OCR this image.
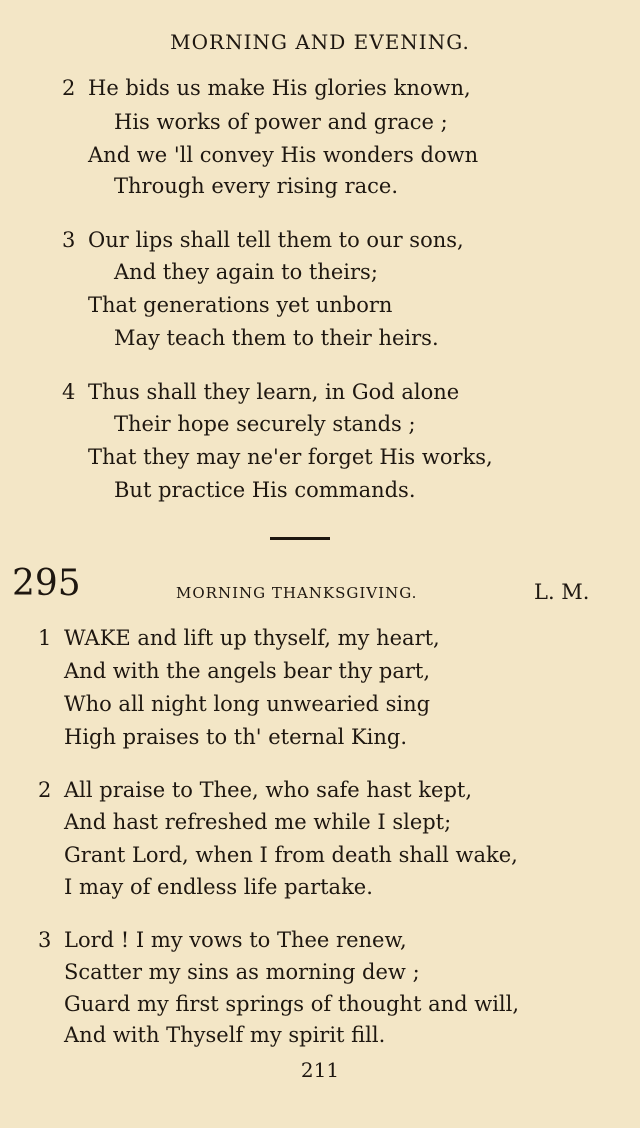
MORNING AND EVENING.
2 He bids us make His glories known,
His works of power and grace ;
And we 'll convey His wonders down
Through every rising race.
3 Our lips shall tell them to our sons,
And they again to theirs;
That generations yet unborn
May teach them to their heirs.
4 Thus shall they learn, in God alone
Their hope securely stands ;
That they may ne'er forget His works,
But practice His commands.
295	MORNING THANKSGIVING.	L. M.
1 WAKE and lift up thyself, my heart,
And with the angels bear thy part,
Who all night long unwearied sing
High praises to th' eternal King.
2 All praise to Thee, who safe hast kept,
And hast refreshed me while I slept;
Grant Lord, when I from death shall wake,
I may of endless life partake.
3 Lord ! I my vows to Thee renew,
Scatter my sins as morning dew ;
Guard my first springs of thought and will,
And with Thyself my spirit fill.
211
